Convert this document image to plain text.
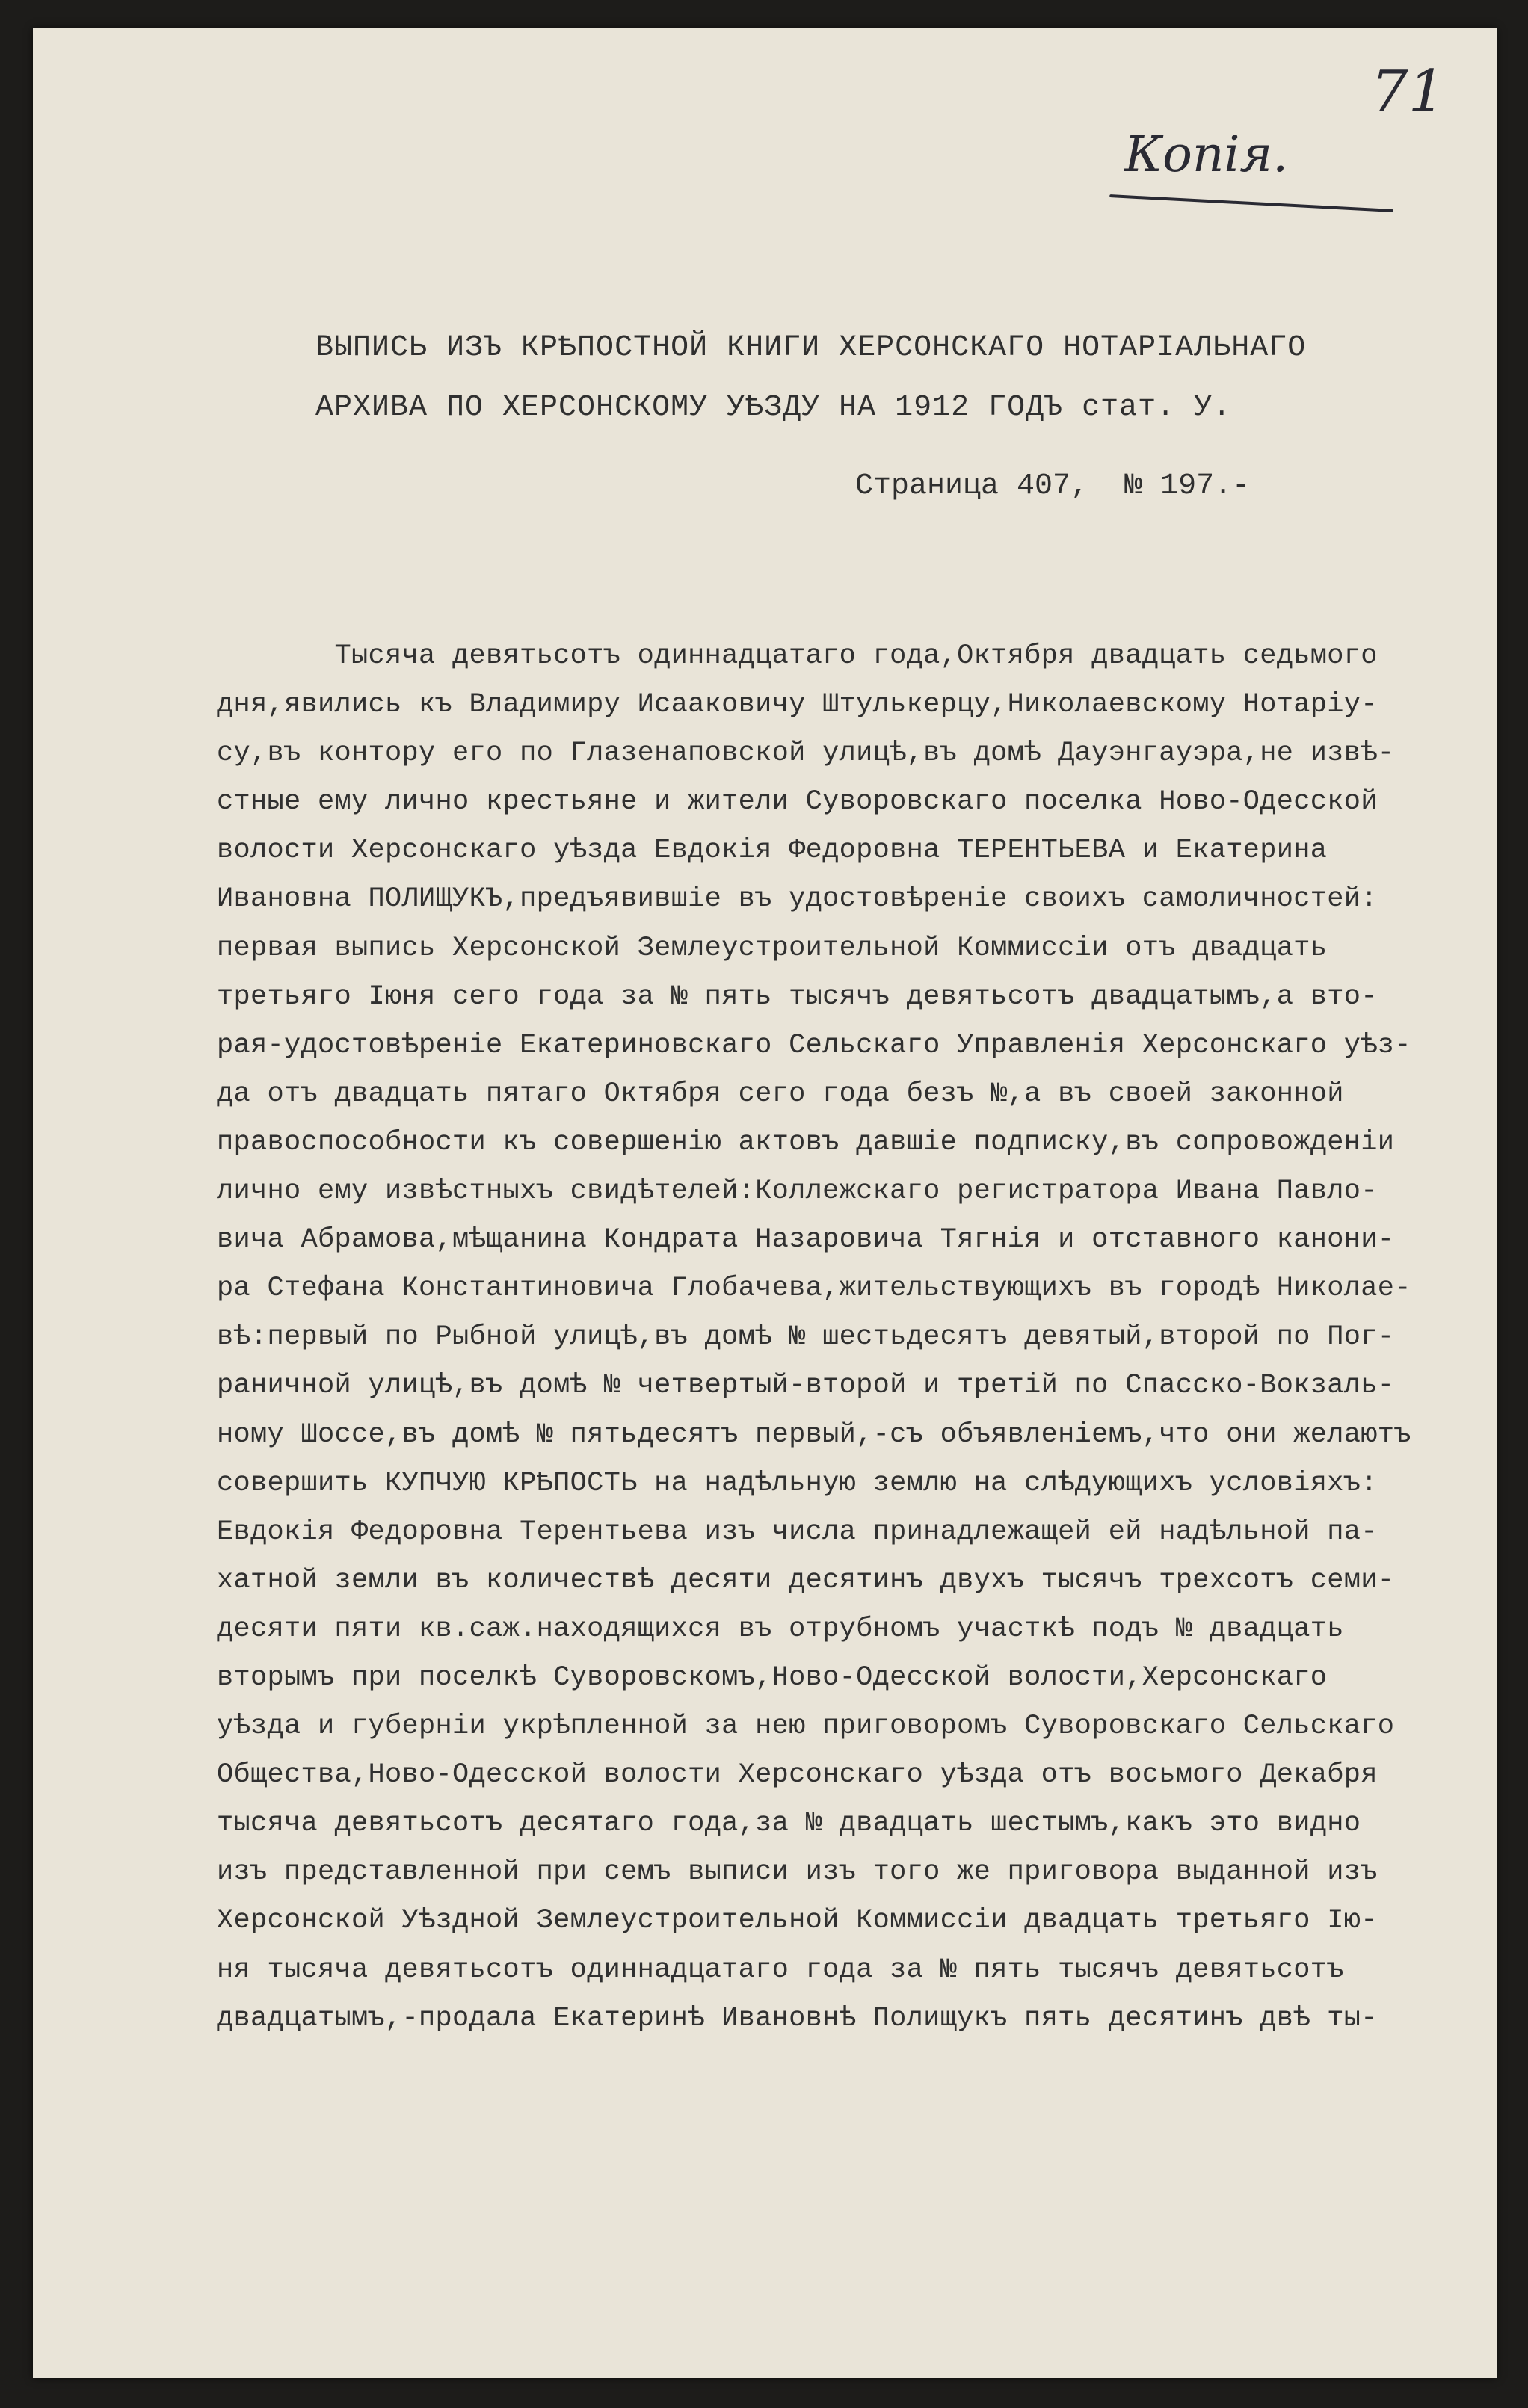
71
Копія.
ВЫПИСЬ ИЗЪ КРѢПОСТНОЙ КНИГИ ХЕРСОНСКАГО НОТАРІАЛЬНАГО
АРХИВА ПО ХЕРСОНСКОМУ УѢЗДУ НА 1912 ГОДЪ стат. У.
Страница 407,  № 197.-
Тысяча девятьсотъ одиннадцатаго года,Октября двадцать седьмого
дня,явились къ Владимиру Исааковичу Штулькерцу,Николаевскому Нотаріу-
су,въ контору его по Глазенаповской улицѣ,въ домѣ Дауэнгауэра,не извѣ-
стные ему лично крестьяне и жители Суворовскаго поселка Ново-Одесской
волости Херсонскаго уѣзда Евдокія Федоровна ТЕРЕНТЬЕВА и Екатерина
Ивановна ПОЛИЩУКЪ,предъявившіе въ удостовѣреніе своихъ самоличностей:
первая выпись Херсонской Землеустроительной Коммиссіи отъ двадцать
третьяго Іюня сего года за № пять тысячъ девятьсотъ двадцатымъ,а вто-
рая-удостовѣреніе Екатериновскаго Сельскаго Управленія Херсонскаго уѣз-
да отъ двадцать пятаго Октября сего года безъ №,а въ своей законной
правоспособности къ совершенію актовъ давшіе подписку,въ сопровожденіи
лично ему извѣстныхъ свидѣтелей:Коллежскаго регистратора Ивана Павло-
вича Абрамова,мѣщанина Кондрата Назаровича Тягнія и отставного канони-
ра Стефана Константиновича Глобачева,жительствующихъ въ городѣ Николае-
вѣ:первый по Рыбной улицѣ,въ домѣ № шестьдесятъ девятый,второй по Пог-
раничной улицѣ,въ домѣ № четвертый-второй и третій по Спасско-Вокзаль-
ному Шоссе,въ домѣ № пятьдесятъ первый,-съ объявленіемъ,что они желаютъ
совершить КУПЧУЮ КРѢПОСТЬ на надѣльную землю на слѣдующихъ условіяхъ:
Евдокія Федоровна Терентьева изъ числа принадлежащей ей надѣльной па-
хатной земли въ количествѣ десяти десятинъ двухъ тысячъ трехсотъ семи-
десяти пяти кв.саж.находящихся въ отрубномъ участкѣ подъ № двадцать
вторымъ при поселкѣ Суворовскомъ,Ново-Одесской волости,Херсонскаго
уѣзда и губерніи укрѣпленной за нею приговоромъ Суворовскаго Сельскаго
Общества,Ново-Одесской волости Херсонскаго уѣзда отъ восьмого Декабря
тысяча девятьсотъ десятаго года,за № двадцать шестымъ,какъ это видно
изъ представленной при семъ выписи изъ того же приговора выданной изъ
Херсонской Уѣздной Землеустроительной Коммиссіи двадцать третьяго Ію-
ня тысяча девятьсотъ одиннадцатаго года за № пять тысячъ девятьсотъ
двадцатымъ,-продала Екатеринѣ Ивановнѣ Полищукъ пять десятинъ двѣ ты-
